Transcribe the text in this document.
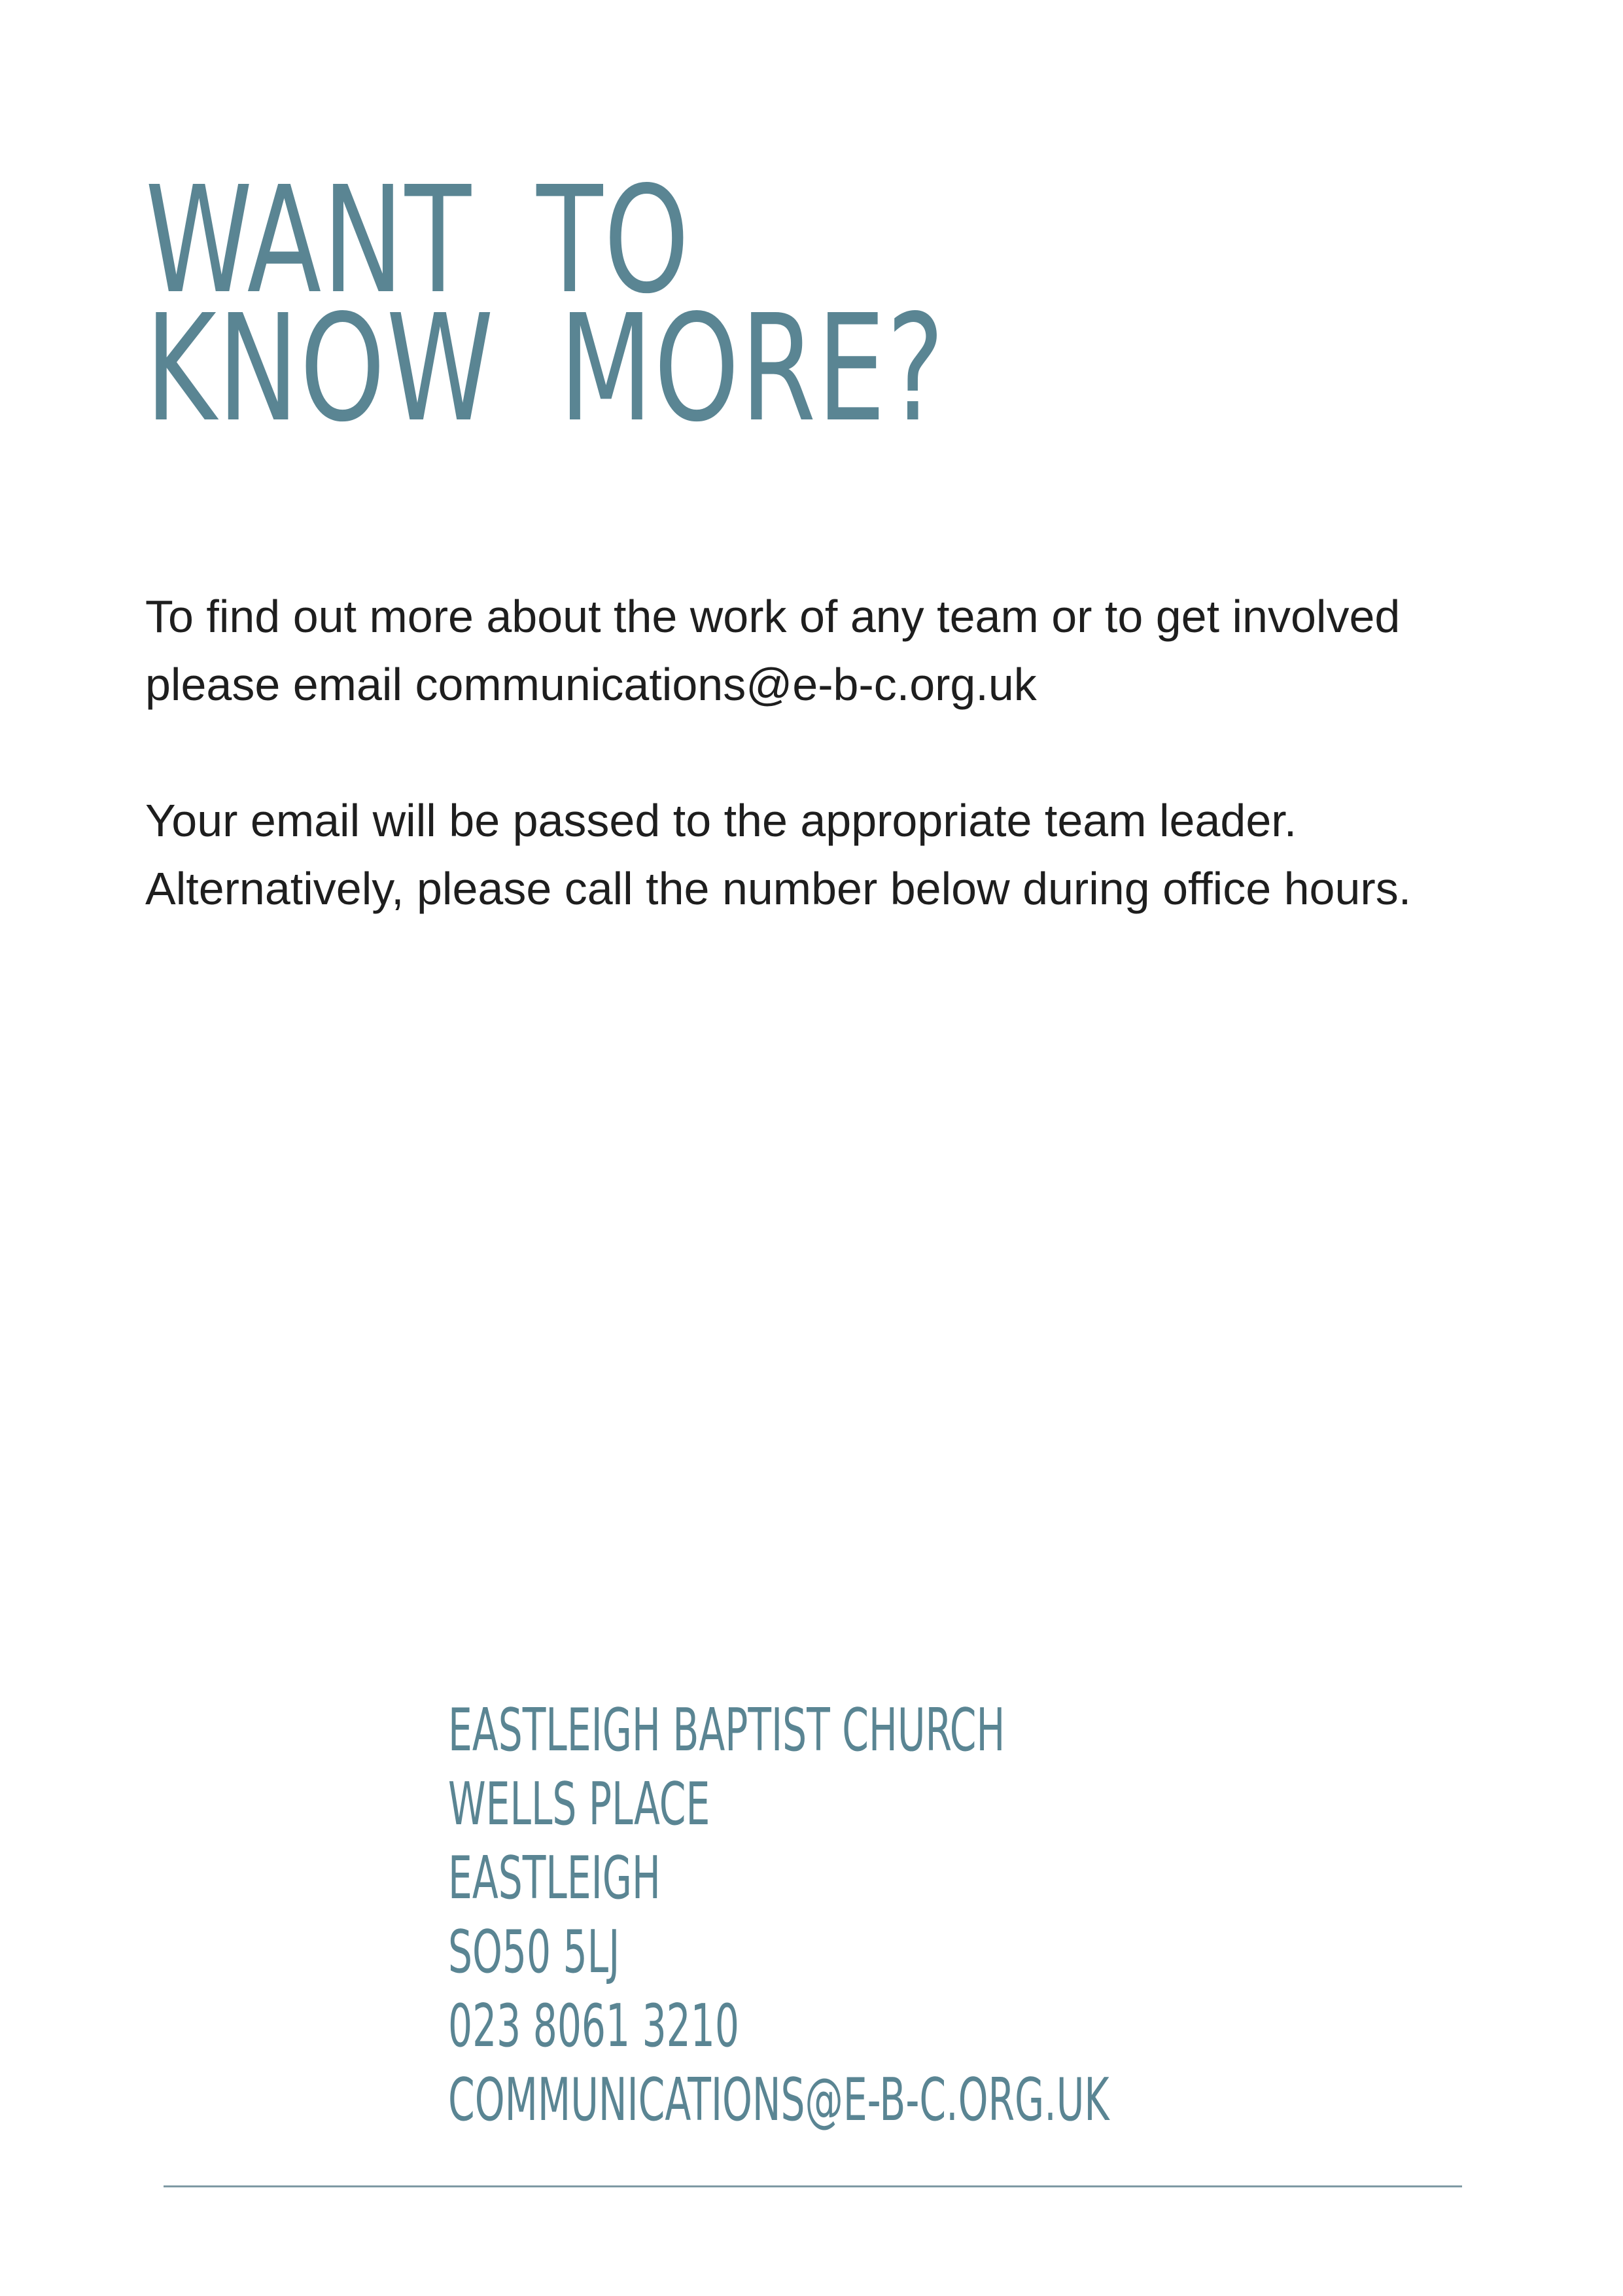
WANT TO
KNOW MORE?

To find out more about the work of any team or to get involved
please email communications@e-b-c.org.uk

Your email will be passed to the appropriate team leader.
Alternatively, please call the number below during office hours.

EASTLEIGH BAPTIST CHURCH
WELLS PLACE
EASTLEIGH
SO50 5LJ
023 8061 3210
COMMUNICATIONS@E-B-C.ORG.UK
